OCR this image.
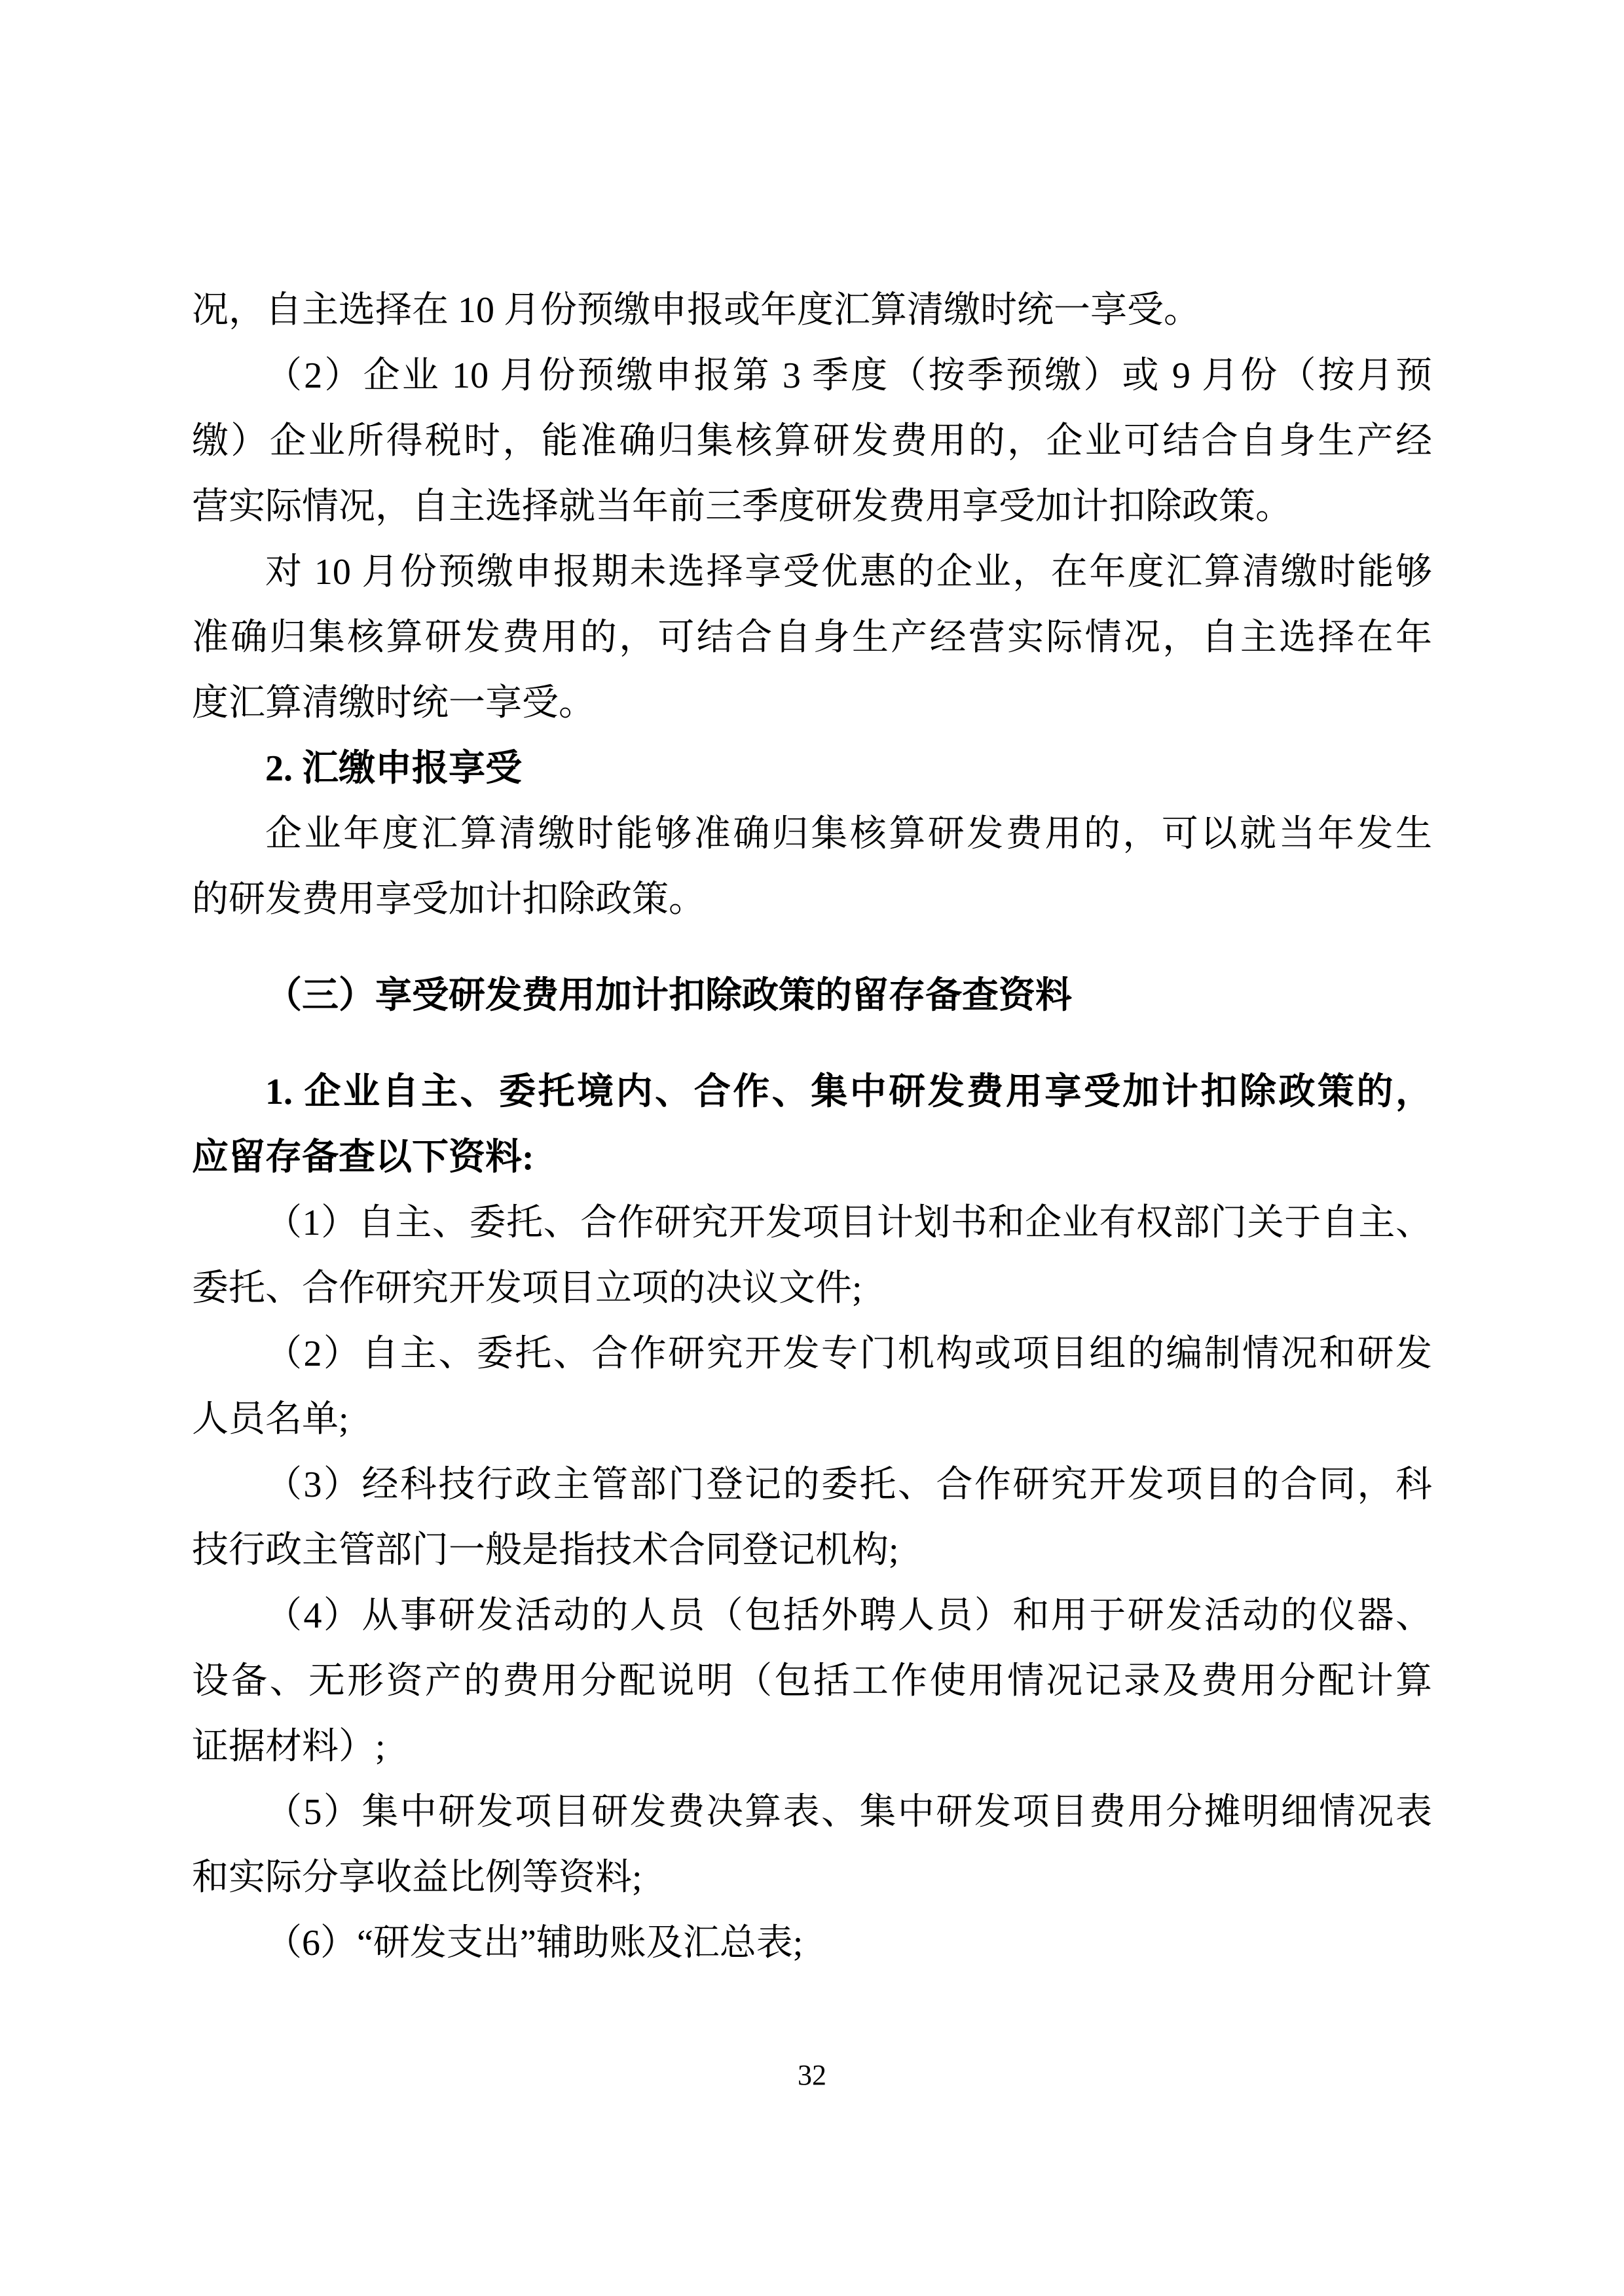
况，自主选择在 10 月份预缴申报或年度汇算清缴时统一享受。
（2）企业 10 月份预缴申报第 3 季度（按季预缴）或 9 月份（按月预
缴）企业所得税时，能准确归集核算研发费用的，企业可结合自身生产经
营实际情况，自主选择就当年前三季度研发费用享受加计扣除政策。
对 10 月份预缴申报期未选择享受优惠的企业，在年度汇算清缴时能够
准确归集核算研发费用的，可结合自身生产经营实际情况，自主选择在年
度汇算清缴时统一享受。
2. 汇缴申报享受
企业年度汇算清缴时能够准确归集核算研发费用的，可以就当年发生
的研发费用享受加计扣除政策。
（三）享受研发费用加计扣除政策的留存备查资料
1. 企业自主、委托境内、合作、集中研发费用享受加计扣除政策的，
应留存备查以下资料:
（1）自主、委托、合作研究开发项目计划书和企业有权部门关于自主、
委托、合作研究开发项目立项的决议文件;
（2）自主、委托、合作研究开发专门机构或项目组的编制情况和研发
人员名单;
（3）经科技行政主管部门登记的委托、合作研究开发项目的合同，科
技行政主管部门一般是指技术合同登记机构;
（4）从事研发活动的人员（包括外聘人员）和用于研发活动的仪器、
设备、无形资产的费用分配说明（包括工作使用情况记录及费用分配计算
证据材料）;
（5）集中研发项目研发费决算表、集中研发项目费用分摊明细情况表
和实际分享收益比例等资料;
（6）“研发支出”辅助账及汇总表;
32
